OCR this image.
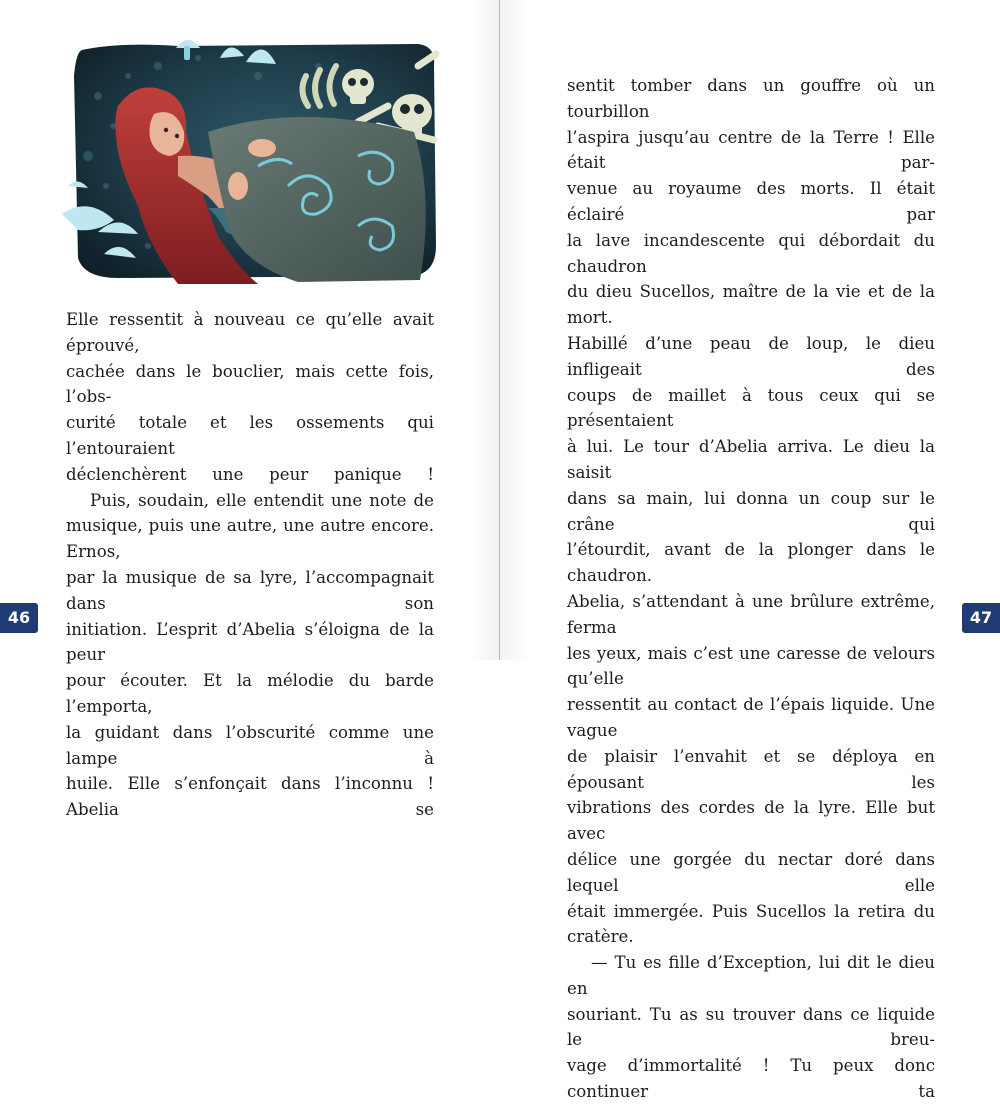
Elle ressentit à nouveau ce qu’elle avait éprouvé,
cachée dans le bouclier, mais cette fois, l’obs-
curité totale et les ossements qui l’entouraient
déclenchèrent une peur panique !

Puis, soudain, elle entendit une note de
musique, puis une autre, une autre encore. Ernos,
par la musique de sa lyre, l’accompagnait dans son
initiation. L’esprit d’Abelia s’éloigna de la peur
pour écouter. Et la mélodie du barde l’emporta,
la guidant dans l’obscurité comme une lampe à
huile. Elle s’enfonçait dans l’inconnu ! Abelia se

46	47

sentit tomber dans un gouffre où un tourbillon
l’aspira jusqu’au centre de la Terre ! Elle était par-
venue au royaume des morts. Il était éclairé par
la lave incandescente qui débordait du chaudron
du dieu Sucellos, maître de la vie et de la mort.
Habillé d’une peau de loup, le dieu infligeait des
coups de maillet à tous ceux qui se présentaient
à lui. Le tour d’Abelia arriva. Le dieu la saisit
dans sa main, lui donna un coup sur le crâne qui
l’étourdit, avant de la plonger dans le chaudron.
Abelia, s’attendant à une brûlure extrême, ferma
les yeux, mais c’est une caresse de velours qu’elle
ressentit au contact de l’épais liquide. Une vague
de plaisir l’envahit et se déploya en épousant les
vibrations des cordes de la lyre. Elle but avec
délice une gorgée du nectar doré dans lequel elle
était immergée. Puis Sucellos la retira du cratère.

— Tu es fille d’Exception, lui dit le dieu en
souriant. Tu as su trouver dans ce liquide le breu-
vage d’immortalité ! Tu peux donc continuer ta
